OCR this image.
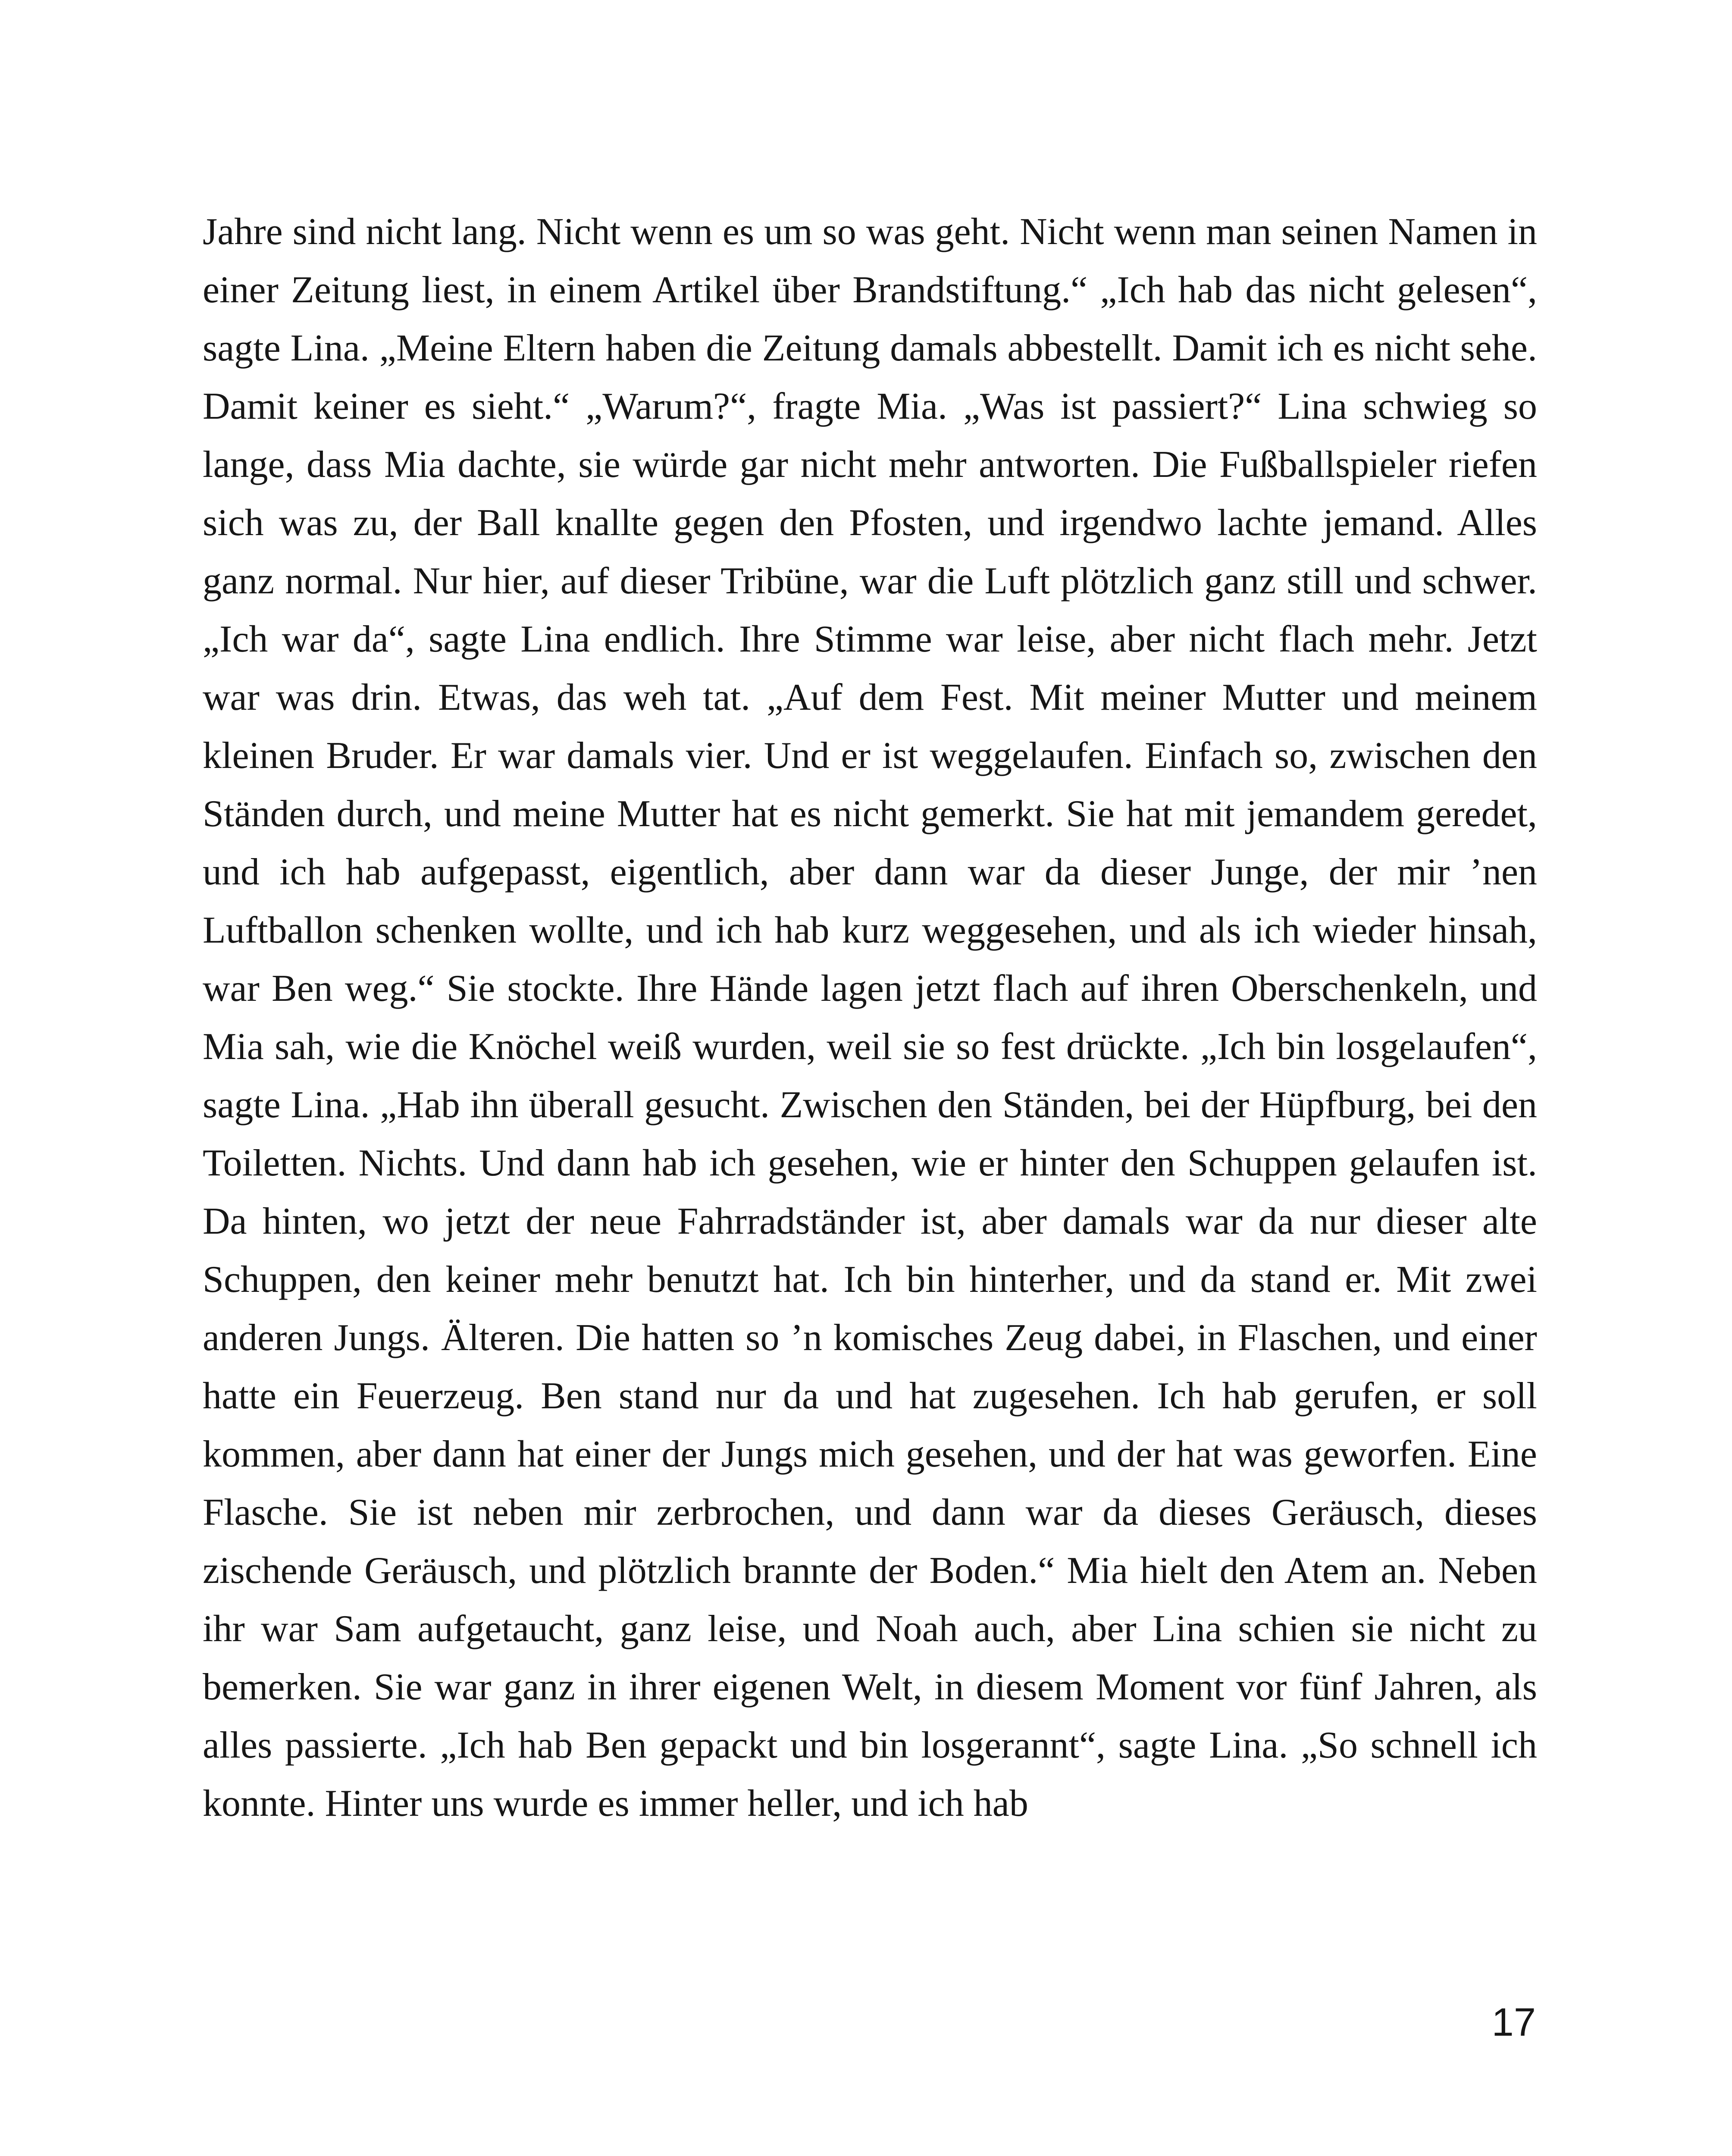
Jahre sind nicht lang. Nicht wenn es um so was geht. Nicht wenn man seinen Namen in einer Zeitung liest, in einem Artikel über Brandstiftung.“ „Ich hab das nicht gelesen“, sagte Lina. „Meine Eltern haben die Zeitung damals abbestellt. Damit ich es nicht sehe. Damit keiner es sieht.“ „Warum?“, fragte Mia. „Was ist passiert?“ Lina schwieg so lange, dass Mia dachte, sie würde gar nicht mehr antworten. Die Fußballspieler riefen sich was zu, der Ball knallte gegen den Pfosten, und irgendwo lachte jemand. Alles ganz normal. Nur hier, auf dieser Tribüne, war die Luft plötzlich ganz still und schwer. „Ich war da“, sagte Lina endlich. Ihre Stimme war leise, aber nicht flach mehr. Jetzt war was drin. Etwas, das weh tat. „Auf dem Fest. Mit meiner Mutter und meinem kleinen Bruder. Er war damals vier. Und er ist weggelaufen. Einfach so, zwischen den Ständen durch, und meine Mutter hat es nicht gemerkt. Sie hat mit jemandem geredet, und ich hab aufgepasst, eigentlich, aber dann war da dieser Junge, der mir ’nen Luftballon schenken wollte, und ich hab kurz weggesehen, und als ich wieder hinsah, war Ben weg.“ Sie stockte. Ihre Hände lagen jetzt flach auf ihren Oberschenkeln, und Mia sah, wie die Knöchel weiß wurden, weil sie so fest drückte. „Ich bin losgelaufen“, sagte Lina. „Hab ihn überall gesucht. Zwischen den Ständen, bei der Hüpfburg, bei den Toiletten. Nichts. Und dann hab ich gesehen, wie er hinter den Schuppen gelaufen ist. Da hinten, wo jetzt der neue Fahrradständer ist, aber damals war da nur dieser alte Schuppen, den keiner mehr benutzt hat. Ich bin hinterher, und da stand er. Mit zwei anderen Jungs. Älteren. Die hatten so ’n komisches Zeug dabei, in Flaschen, und einer hatte ein Feuerzeug. Ben stand nur da und hat zugesehen. Ich hab gerufen, er soll kommen, aber dann hat einer der Jungs mich gesehen, und der hat was geworfen. Eine Flasche. Sie ist neben mir zerbrochen, und dann war da dieses Geräusch, dieses zischende Geräusch, und plötzlich brannte der Boden.“ Mia hielt den Atem an. Neben ihr war Sam aufgetaucht, ganz leise, und Noah auch, aber Lina schien sie nicht zu bemerken. Sie war ganz in ihrer eigenen Welt, in diesem Moment vor fünf Jahren, als alles passierte. „Ich hab Ben gepackt und bin losgerannt“, sagte Lina. „So schnell ich konnte. Hinter uns wurde es immer heller, und ich hab

17
